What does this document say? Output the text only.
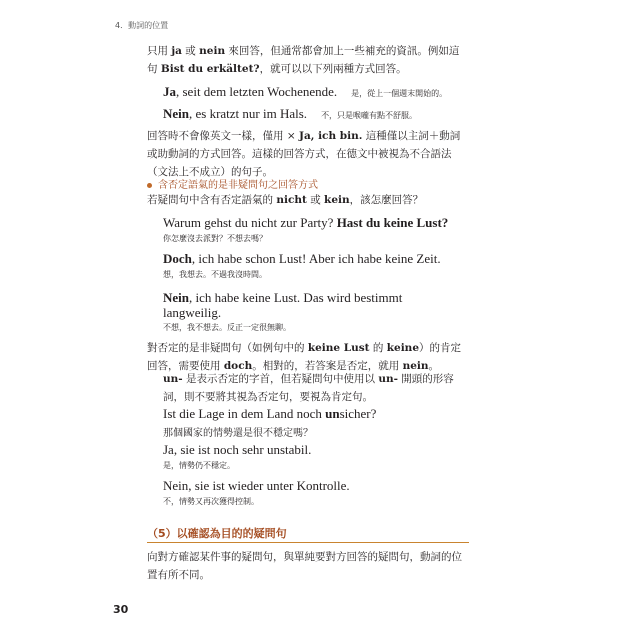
4．動詞的位置
只用 ja 或 nein 來回答，但通常都會加上一些補充的資訊。例如這句 Bist du erkältet?，就可以以下列兩種方式回答。
Ja, seit dem letzten Wochenende. 是，從上一個週末開始的。
Nein, es kratzt nur im Hals. 不，只是喉嚨有點不舒服。
回答時不會像英文一樣，僅用 × Ja, ich bin. 這種僅以主詞＋動詞或助動詞的方式回答。這樣的回答方式，在德文中被視為不合語法（文法上不成立）的句子。
含否定語氣的是非疑問句之回答方式
若疑問句中含有否定語氣的 nicht 或 kein，該怎麼回答？
Warum gehst du nicht zur Party? Hast du keine Lust?
你怎麼沒去派對？不想去嗎？
Doch, ich habe schon Lust! Aber ich habe keine Zeit.
想，我想去。不過我沒時間。
Nein, ich habe keine Lust. Das wird bestimmt
langweilig.
不想，我不想去。反正一定很無聊。
對否定的是非疑問句（如例句中的 keine Lust 的 keine）的肯定回答，需要使用 doch。相對的，若答案是否定，就用 nein。
un- 是表示否定的字首，但若疑問句中使用以 un- 開頭的形容詞，則不要將其視為否定句，要視為肯定句。
Ist die Lage in dem Land noch unsicher?
那個國家的情勢還是很不穩定嗎？
Ja, sie ist noch sehr unstabil.
是，情勢仍不穩定。
Nein, sie ist wieder unter Kontrolle.
不，情勢又再次獲得控制。
（5）以確認為目的的疑問句
向對方確認某件事的疑問句，與單純要對方回答的疑問句，動詞的位置有所不同。
30
